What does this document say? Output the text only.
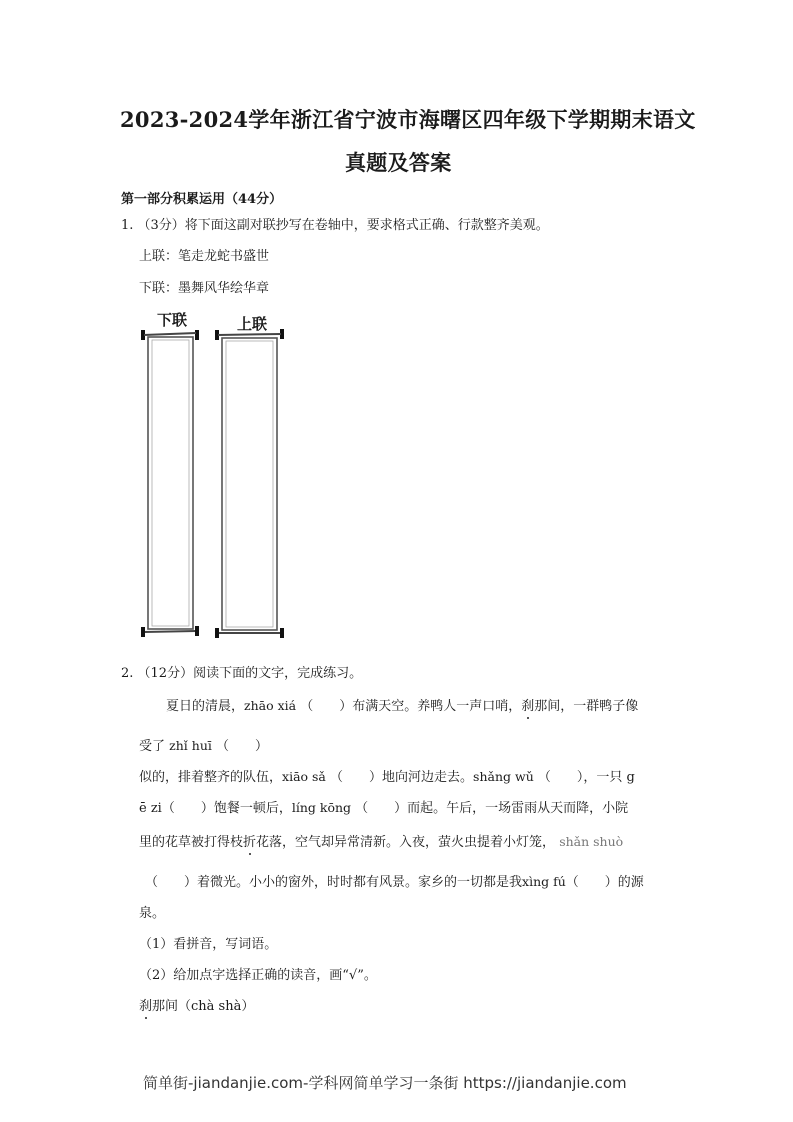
2023-2024学年浙江省宁波市海曙区四年级下学期期末语文
真题及答案
第一部分积累运用（44分）
1. （3分）将下面这副对联抄写在卷轴中，要求格式正确、行款整齐美观。
上联：笔走龙蛇书盛世
下联：墨舞风华绘华章
下联	上联
2. （12分）阅读下面的文字，完成练习。
夏日的清晨，zhāo xiá （　　）布满天空。养鸭人一声口哨，刹那间，一群鸭子像
受了 zhǐ huī （　　）
似的，排着整齐的队伍，xiāo sǎ （　　）地向河边走去。shǎng wǔ （　　），一只 g
ē zi（　　）饱餐一顿后，líng kōng （　　）而起。午后，一场雷雨从天而降，小院
里的花草被打得枝折花落，空气却异常清新。入夜，萤火虫提着小灯笼， shǎn shuò
（　　）着微光。小小的窗外，时时都有风景。家乡的一切都是我xìng fú（　　）的源
泉。
（1）看拼音，写词语。
（2）给加点字选择正确的读音，画“√”。
刹那间（chà shà）
简单街-jiandanjie.com-学科网简单学习一条街 https://jiandanjie.com
